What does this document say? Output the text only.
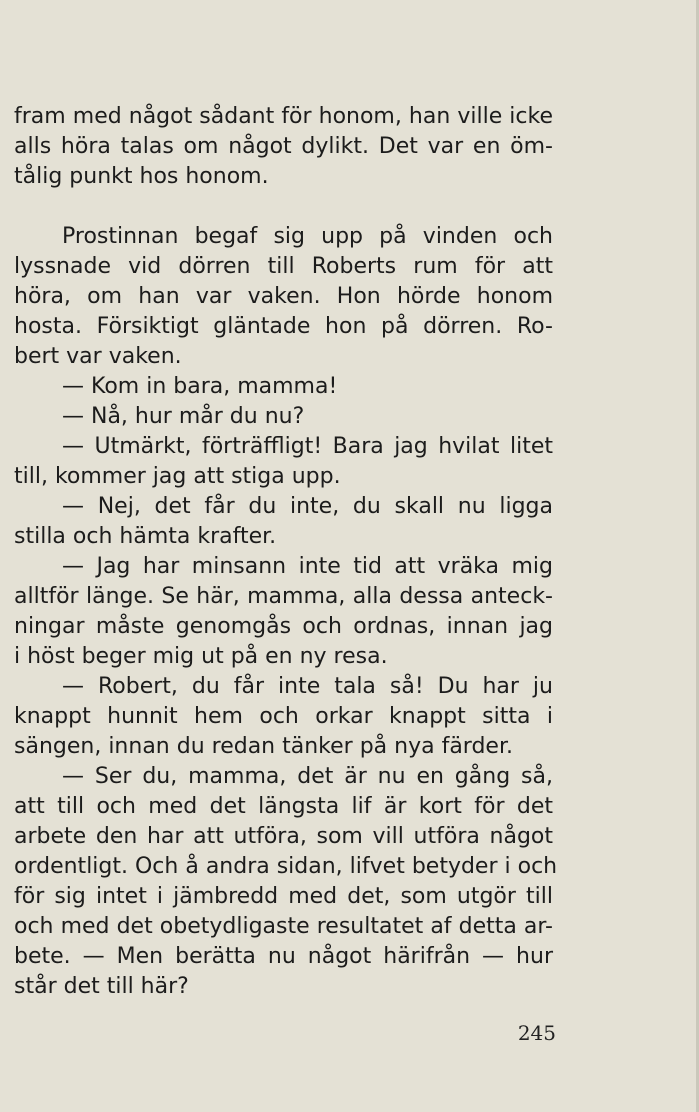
fram med något sådant för honom, han ville icke
alls höra talas om något dylikt. Det var en öm-
tålig punkt hos honom.
Prostinnan begaf sig upp på vinden och
lyssnade vid dörren till Roberts rum för att
höra, om han var vaken. Hon hörde honom
hosta. Försiktigt gläntade hon på dörren. Ro-
bert var vaken.
— Kom in bara, mamma!
— Nå, hur mår du nu?
— Utmärkt, förträffligt! Bara jag hvilat litet
till, kommer jag att stiga upp.
— Nej, det får du inte, du skall nu ligga
stilla och hämta krafter.
— Jag har minsann inte tid att vräka mig
alltför länge. Se här, mamma, alla dessa anteck-
ningar måste genomgås och ordnas, innan jag
i höst beger mig ut på en ny resa.
— Robert, du får inte tala så! Du har ju
knappt hunnit hem och orkar knappt sitta i
sängen, innan du redan tänker på nya färder.
— Ser du, mamma, det är nu en gång så,
att till och med det längsta lif är kort för det
arbete den har att utföra, som vill utföra något
ordentligt. Och å andra sidan, lifvet betyder i och
för sig intet i jämbredd med det, som utgör till
och med det obetydligaste resultatet af detta ar-
bete. — Men berätta nu något härifrån — hur
står det till här?
245
